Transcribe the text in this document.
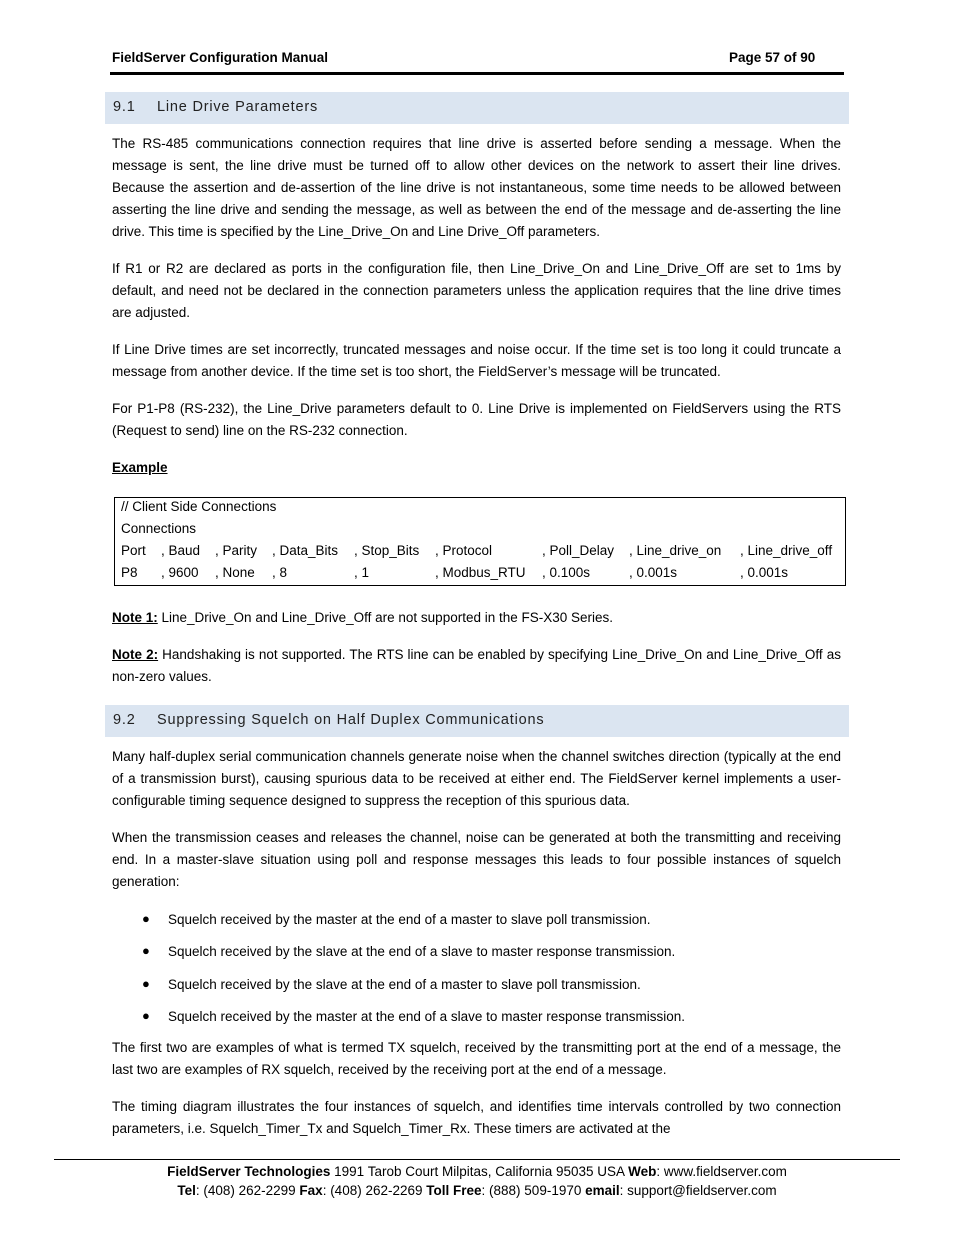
FieldServer Configuration Manual	Page 57 of 90
9.1 Line Drive Parameters

The RS-485 communications connection requires that line drive is asserted before sending a message. When the message is sent, the line drive must be turned off to allow other devices on the network to assert their line drives. Because the assertion and de-assertion of the line drive is not instantaneous, some time needs to be allowed between asserting the line drive and sending the message, as well as between the end of the message and de-asserting the line drive. This time is specified by the Line_Drive_On and Line Drive_Off parameters.

If R1 or R2 are declared as ports in the configuration file, then Line_Drive_On and Line_Drive_Off are set to 1ms by default, and need not be declared in the connection parameters unless the application requires that the line drive times are adjusted.

If Line Drive times are set incorrectly, truncated messages and noise occur. If the time set is too long it could truncate a message from another device. If the time set is too short, the FieldServer’s message will be truncated.

For P1-P8 (RS-232), the Line_Drive parameters default to 0. Line Drive is implemented on FieldServers using the RTS (Request to send) line on the RS-232 connection.

Example
// Client Side Connections
Connections
Port , Baud , Parity , Data_Bits , Stop_Bits , Protocol	, Poll_Delay , Line_drive_on , Line_drive_off
P8 , 9600 , None , 8	, 1	, Modbus_RTU , 0.100s	, 0.001s	, 0.001s

Note 1: Line_Drive_On and Line_Drive_Off are not supported in the FS-X30 Series.

Note 2: Handshaking is not supported. The RTS line can be enabled by specifying Line_Drive_On and Line_Drive_Off as non-zero values.

9.2 Suppressing Squelch on Half Duplex Communications

Many half-duplex serial communication channels generate noise when the channel switches direction (typically at the end of a transmission burst), causing spurious data to be received at either end. The FieldServer kernel implements a user-configurable timing sequence designed to suppress the reception of this spurious data.

When the transmission ceases and releases the channel, noise can be generated at both the transmitting and receiving end. In a master-slave situation using poll and response messages this leads to four possible instances of squelch generation:

● Squelch received by the master at the end of a master to slave poll transmission.
● Squelch received by the slave at the end of a slave to master response transmission.
● Squelch received by the slave at the end of a master to slave poll transmission.
● Squelch received by the master at the end of a slave to master response transmission.

The first two are examples of what is termed TX squelch, received by the transmitting port at the end of a message, the last two are examples of RX squelch, received by the receiving port at the end of a message.

The timing diagram illustrates the four instances of squelch, and identifies time intervals controlled by two connection parameters, i.e. Squelch_Timer_Tx and Squelch_Timer_Rx. These timers are activated at the

FieldServer Technologies 1991 Tarob Court Milpitas, California 95035 USA Web: www.fieldserver.com
Tel: (408) 262-2299 Fax: (408) 262-2269 Toll Free: (888) 509-1970 email: support@fieldserver.com
